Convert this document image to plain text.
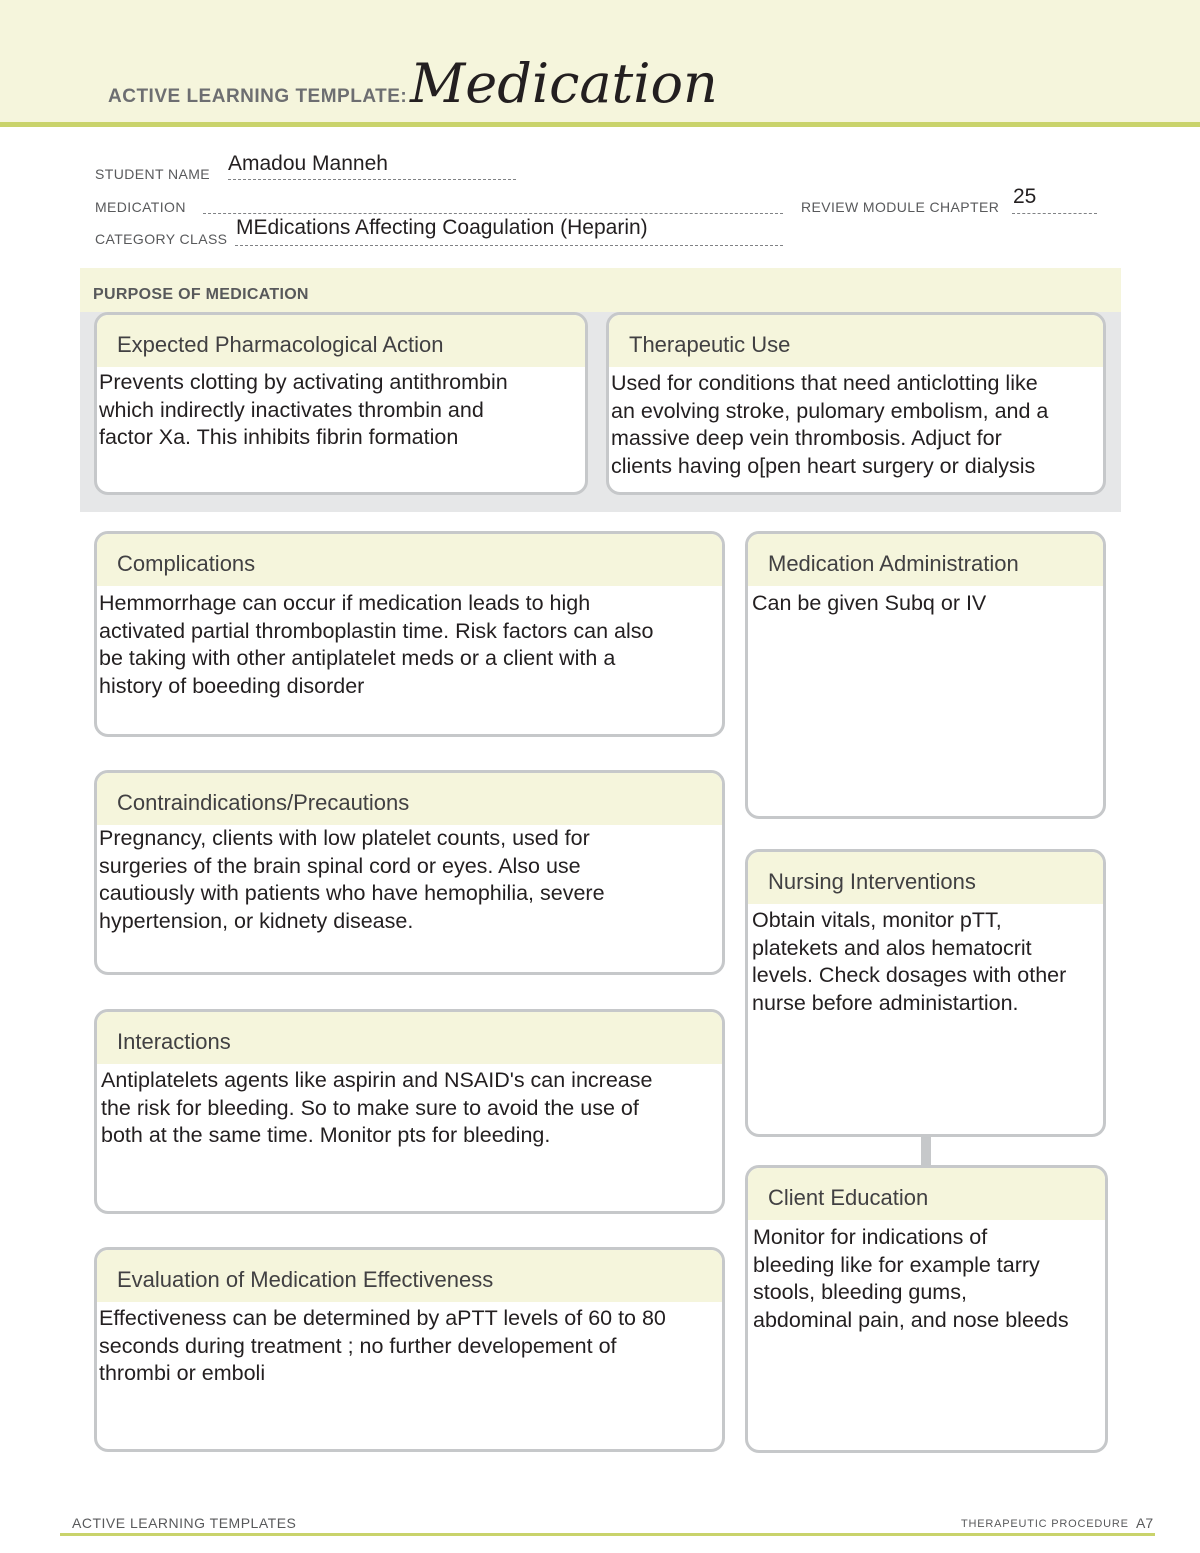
ACTIVE LEARNING TEMPLATE: Medication
STUDENT NAME Amadou Manneh
MEDICATION	REVIEW MODULE CHAPTER 25
CATEGORY CLASS MEdications Affecting Coagulation (Heparin)
PURPOSE OF MEDICATION
Expected Pharmacological Action
Prevents clotting by activating antithrombin
which indirectly inactivates thrombin and
factor Xa. This inhibits fibrin formation
Therapeutic Use
Used for conditions that need anticlotting like
an evolving stroke, pulomary embolism, and a
massive deep vein thrombosis. Adjuct for
clients having o[pen heart surgery or dialysis
Complications
Hemmorrhage can occur if medication leads to high
activated partial thromboplastin time. Risk factors can also
be taking with other antiplatelet meds or a client with a
history of boeeding disorder
Contraindications/Precautions
Pregnancy, clients with low platelet counts, used for
surgeries of the brain spinal cord or eyes. Also use
cautiously with patients who have hemophilia, severe
hypertension, or kidnety disease.
Interactions
Antiplatelets agents like aspirin and NSAID's can increase
the risk for bleeding. So to make sure to avoid the use of
both at the same time. Monitor pts for bleeding.
Evaluation of Medication Effectiveness
Effectiveness can be determined by aPTT levels of 60 to 80
seconds during treatment ; no further developement of
thrombi or emboli
Medication Administration
Can be given Subq or IV
Nursing Interventions
Obtain vitals, monitor pTT,
platekets and alos hematocrit
levels. Check dosages with other
nurse before administartion.
Client Education
Monitor for indications of
bleeding like for example tarry
stools, bleeding gums,
abdominal pain, and nose bleeds
ACTIVE LEARNING TEMPLATES	THERAPEUTIC PROCEDURE A7
